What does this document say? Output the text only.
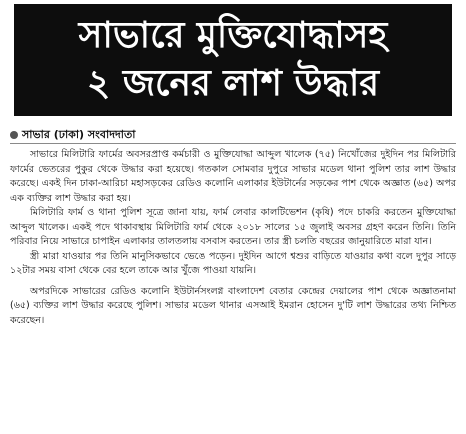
সাভারে মুক্তিযোদ্ধাসহ
২ জনের লাশ উদ্ধার
সাভার (ঢাকা) সংবাদদাতা

সাভারে মিলিটারি ফার্মের অবসরপ্রাপ্ত কর্মচারী ও মুক্তিযোদ্ধা আব্দুল খালেক (৭৫) নিখোঁজের দুইদিন পর মিলিটারি ফার্মের ভেতরের পুকুর থেকে উদ্ধার করা হয়েছে। গতকাল সোমবার দুপুরে সাভার মডেল থানা পুলিশ তার লাশ উদ্ধার করেছে। একই দিন ঢাকা-আরিচা মহাসড়কের রেডিও কলোনি এলাকার ইউটার্নের সড়কের পাশ থেকে অজ্ঞাত (৬৫) অপর এক ব্যক্তির লাশ উদ্ধার করা হয়।

মিলিটারি ফার্ম ও থানা পুলিশ সূত্রে জানা যায়, ফার্ম লেবার কালটিভেশন (কৃষি) পদে চাকরি করতেন মুক্তিযোদ্ধা আব্দুল খালেক। একই পদে থাকাবস্থায় মিলিটারি ফার্ম থেকে ২০১৮ সালের ১৫ জুলাই অবসর গ্রহণ করেন তিনি। তিনি পরিবার নিয়ে সাভারে চাপাইন এলাকার তালতলায় বসবাস করতেন। তার স্ত্রী চলতি বছরের জানুয়ারিতে মারা যান।

স্ত্রী মারা যাওয়ার পর তিনি মানুসিকভাবে ভেঙে পড়েন। দুইদিন আগে শ্বশুর বাড়িতে যাওয়ার কথা বলে দুপুর সাড়ে ১২টার সময় বাসা থেকে বের হলে তাকে আর খুঁজে পাওয়া যায়নি।

অপরদিকে সাভারের রেডিও কলোনি ইউটার্নসংলগ্ন বাংলাদেশ বেতার কেন্দ্রের দেয়ালের পাশ থেকে অজ্ঞাতনামা (৬৫) ব্যক্তির লাশ উদ্ধার করেছে পুলিশ। সাভার মডেল থানার এসআই ইমরান হোসেন দু'টি লাশ উদ্ধারের তথ্য নিশ্চিত করেছেন।
